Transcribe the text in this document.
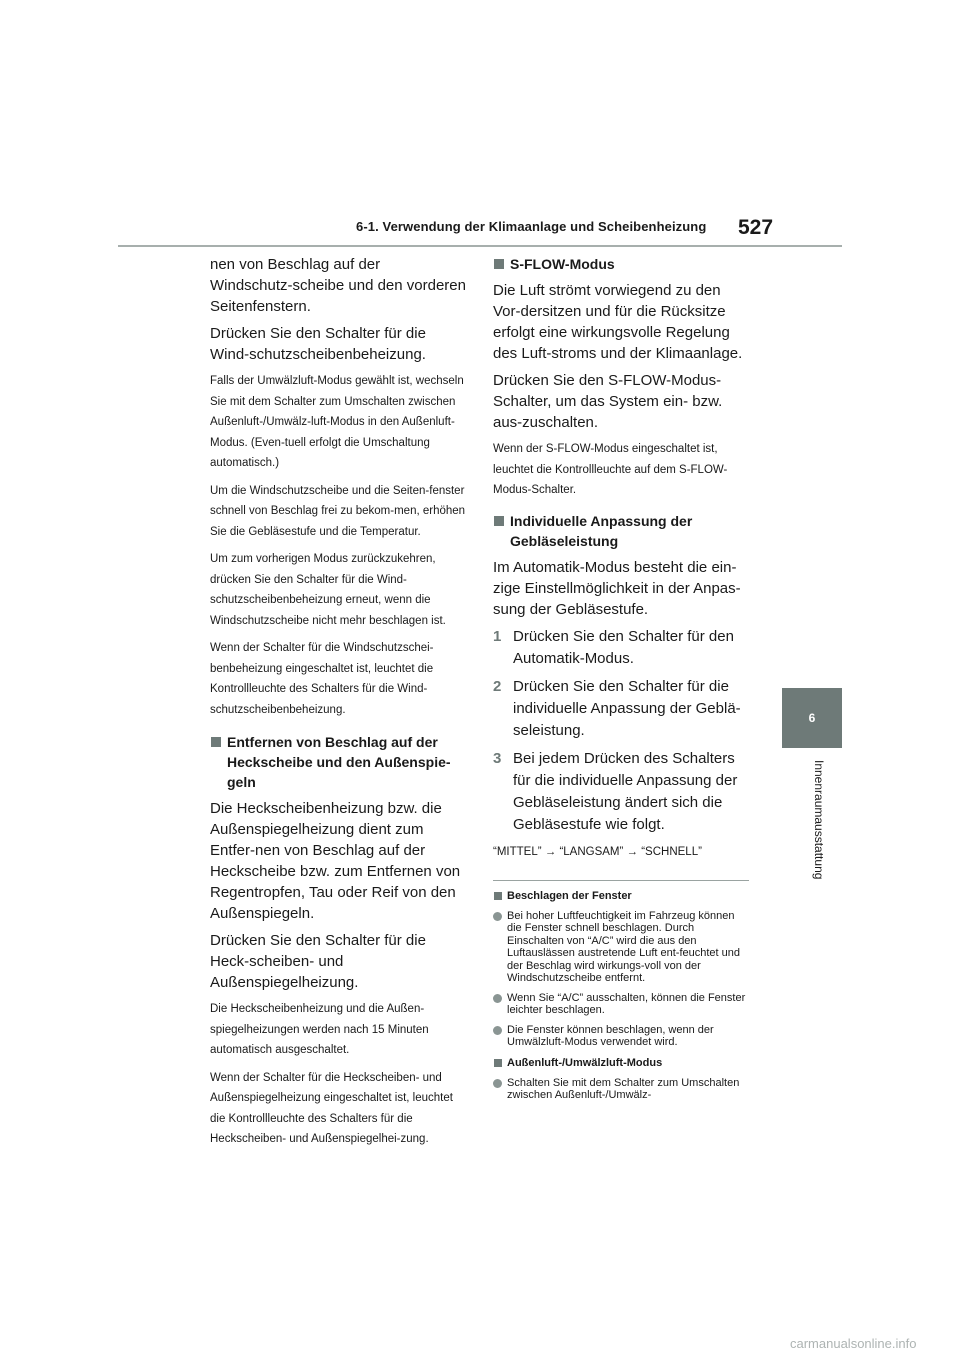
6-1. Verwendung der Klimaanlage und Scheibenheizung 527
6
Innenraumausstattung

nen von Beschlag auf der Windschutz-scheibe und den vorderen Seitenfenstern.

Drücken Sie den Schalter für die Wind-schutzscheibenbeheizung.

Falls der Umwälzluft-Modus gewählt ist, wechseln Sie mit dem Schalter zum Umschalten zwischen Außenluft-/Umwälz-luft-Modus in den Außenluft-Modus. (Even-tuell erfolgt die Umschaltung automatisch.)

Um die Windschutzscheibe und die Seiten-fenster schnell von Beschlag frei zu bekom-men, erhöhen Sie die Gebläsestufe und die Temperatur.

Um zum vorherigen Modus zurückzukehren, drücken Sie den Schalter für die Wind-schutzscheibenbeheizung erneut, wenn die Windschutzscheibe nicht mehr beschlagen ist.

Wenn der Schalter für die Windschutzschei-benbeheizung eingeschaltet ist, leuchtet die Kontrollleuchte des Schalters für die Wind-schutzscheibenbeheizung.

Entfernen von Beschlag auf der Heckscheibe und den Außenspie-geln

Die Heckscheibenheizung bzw. die Außenspiegelheizung dient zum Entfer-nen von Beschlag auf der Heckscheibe bzw. zum Entfernen von Regentropfen, Tau oder Reif von den Außenspiegeln.

Drücken Sie den Schalter für die Heck-scheiben- und Außenspiegelheizung.

Die Heckscheibenheizung und die Außen-spiegelheizungen werden nach 15 Minuten automatisch ausgeschaltet.

Wenn der Schalter für die Heckscheiben- und Außenspiegelheizung eingeschaltet ist, leuchtet die Kontrollleuchte des Schalters für die Heckscheiben- und Außenspiegelhei-zung.

S-FLOW-Modus

Die Luft strömt vorwiegend zu den Vor-dersitzen und für die Rücksitze erfolgt eine wirkungsvolle Regelung des Luft-stroms und der Klimaanlage.

Drücken Sie den S-FLOW-Modus-Schalter, um das System ein- bzw. aus-zuschalten.

Wenn der S-FLOW-Modus eingeschaltet ist, leuchtet die Kontrollleuchte auf dem S-FLOW-Modus-Schalter.

Individuelle Anpassung der Gebläseleistung

Im Automatik-Modus besteht die ein-zige Einstellmöglichkeit in der Anpas-sung der Gebläsestufe.

1 Drücken Sie den Schalter für den Automatik-Modus.
2 Drücken Sie den Schalter für die individuelle Anpassung der Geblä-seleistung.
3 Bei jedem Drücken des Schalters für die individuelle Anpassung der Gebläseleistung ändert sich die Gebläsestufe wie folgt.

“MITTEL” → “LANGSAM” → “SCHNELL”

Beschlagen der Fenster

Bei hoher Luftfeuchtigkeit im Fahrzeug können die Fenster schnell beschlagen. Durch Einschalten von “A/C” wird die aus den Luftauslässen austretende Luft ent-feuchtet und der Beschlag wird wirkungs-voll von der Windschutzscheibe entfernt.

Wenn Sie “A/C” ausschalten, können die Fenster leichter beschlagen.

Die Fenster können beschlagen, wenn der Umwälzluft-Modus verwendet wird.

Außenluft-/Umwälzluft-Modus

Schalten Sie mit dem Schalter zum Umschalten zwischen Außenluft-/Umwälz-

carmanualsonline.info
